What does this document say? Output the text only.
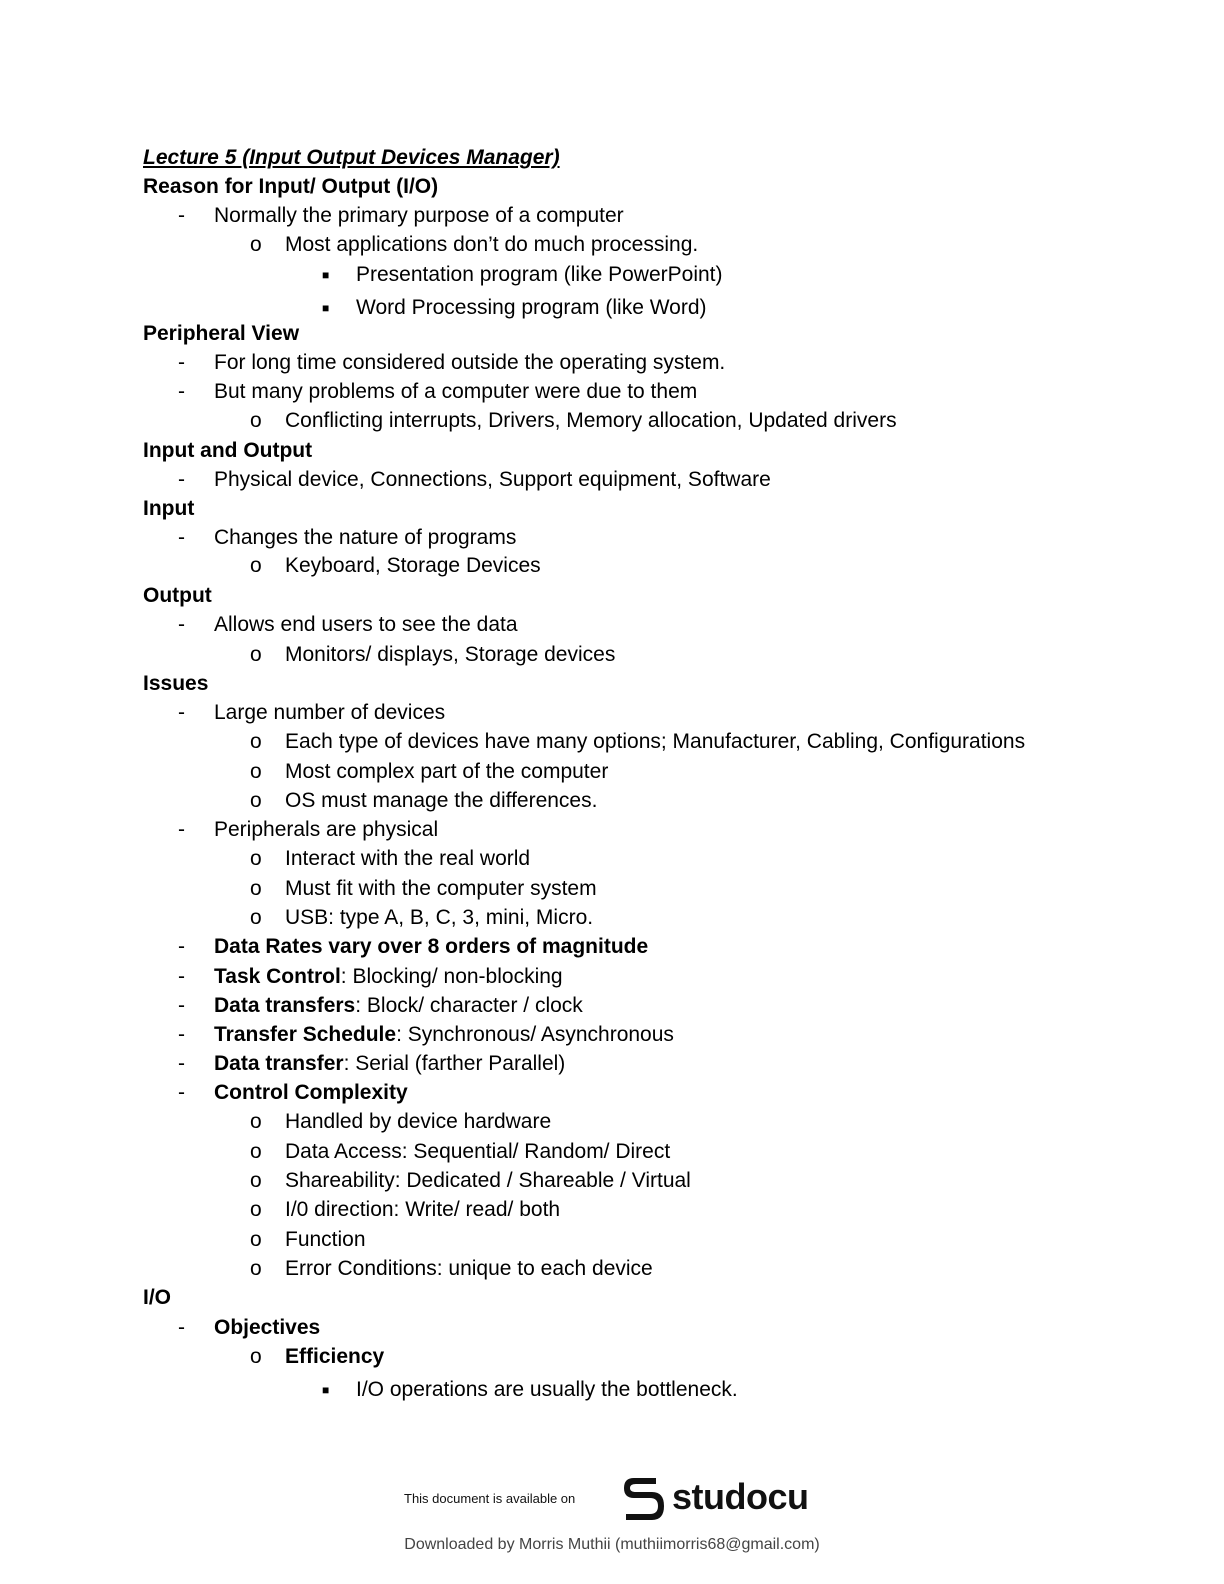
Lecture 5 (Input Output Devices Manager)
Reason for Input/ Output (I/O)
- Normally the primary purpose of a computer
o Most applications don’t do much processing.
■ Presentation program (like PowerPoint)
■ Word Processing program (like Word)
Peripheral View
- For long time considered outside the operating system.
- But many problems of a computer were due to them
o Conflicting interrupts, Drivers, Memory allocation, Updated drivers
Input and Output
- Physical device, Connections, Support equipment, Software
Input
- Changes the nature of programs
o Keyboard, Storage Devices
Output
- Allows end users to see the data
o Monitors/ displays, Storage devices
Issues
- Large number of devices
o Each type of devices have many options; Manufacturer, Cabling, Configurations
o Most complex part of the computer
o OS must manage the differences.
- Peripherals are physical
o Interact with the real world
o Must fit with the computer system
o USB: type A, B, C, 3, mini, Micro.
- Data Rates vary over 8 orders of magnitude
- Task Control: Blocking/ non-blocking
- Data transfers: Block/ character / clock
- Transfer Schedule: Synchronous/ Asynchronous
- Data transfer: Serial (farther Parallel)
- Control Complexity
o Handled by device hardware
o Data Access: Sequential/ Random/ Direct
o Shareability: Dedicated / Shareable / Virtual
o I/0 direction: Write/ read/ both
o Function
o Error Conditions: unique to each device
I/O
- Objectives
o Efficiency
■ I/O operations are usually the bottleneck.
This document is available on	studocu
Downloaded by Morris Muthii (muthiimorris68@gmail.com)
